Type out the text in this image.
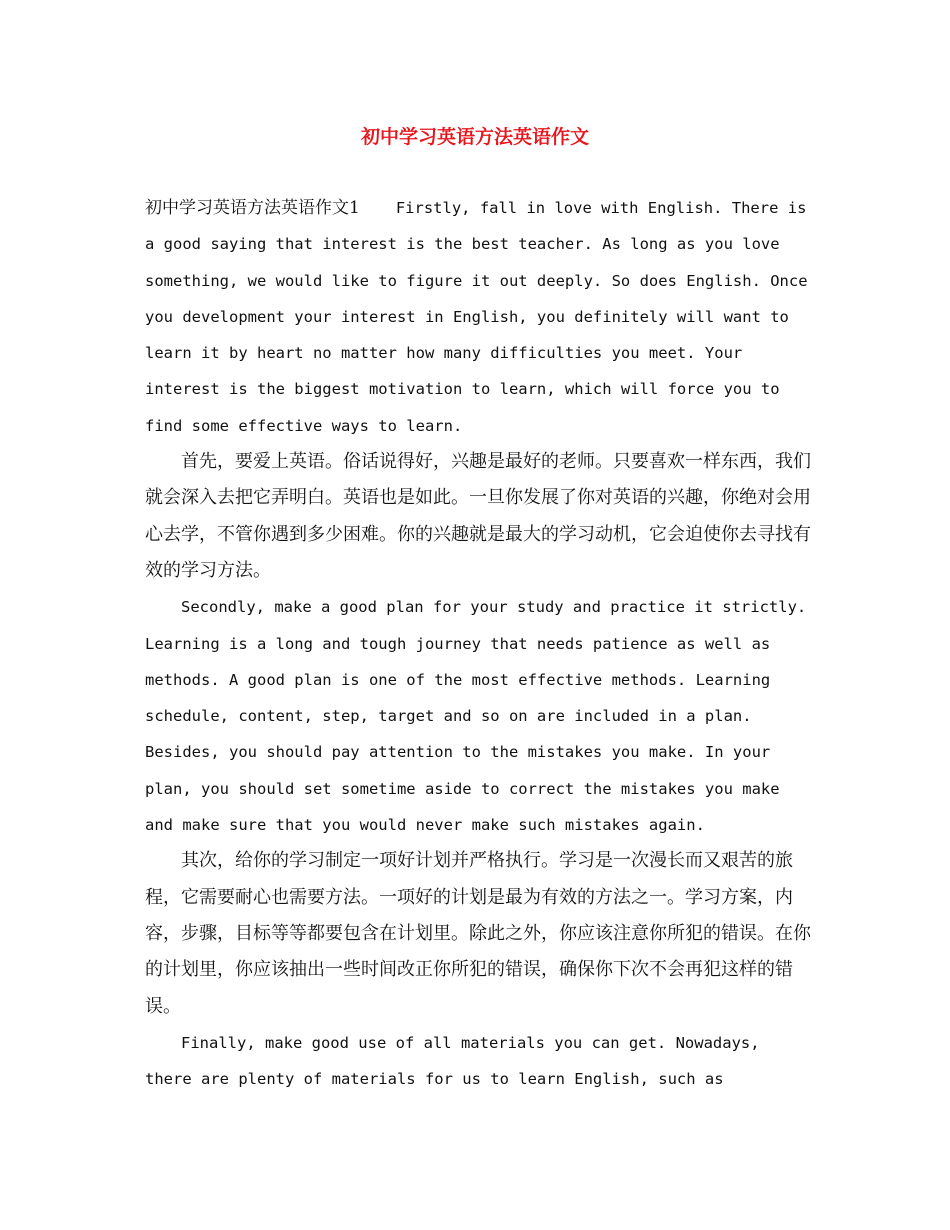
初中学习英语方法英语作文

初中学习英语方法英语作文1 Firstly, fall in love with English. There is a good saying that interest is the best teacher. As long as you love something, we would like to figure it out deeply. So does English. Once you development your interest in English, you definitely will want to learn it by heart no matter how many difficulties you meet. Your interest is the biggest motivation to learn, which will force you to find some effective ways to learn.

首先，要爱上英语。俗话说得好，兴趣是最好的老师。只要喜欢一样东西，我们就会深入去把它弄明白。英语也是如此。一旦你发展了你对英语的兴趣，你绝对会用心去学，不管你遇到多少困难。你的兴趣就是最大的学习动机，它会迫使你去寻找有效的学习方法。

Secondly, make a good plan for your study and practice it strictly. Learning is a long and tough journey that needs patience as well as methods. A good plan is one of the most effective methods. Learning schedule, content, step, target and so on are included in a plan. Besides, you should pay attention to the mistakes you make. In your plan, you should set sometime aside to correct the mistakes you make and make sure that you would never make such mistakes again.

其次，给你的学习制定一项好计划并严格执行。学习是一次漫长而又艰苦的旅程，它需要耐心也需要方法。一项好的计划是最为有效的方法之一。学习方案，内容，步骤，目标等等都要包含在计划里。除此之外，你应该注意你所犯的错误。在你的计划里，你应该抽出一些时间改正你所犯的错误，确保你下次不会再犯这样的错误。

Finally, make good use of all materials you can get. Nowadays, there are plenty of materials for us to learn English, such as
